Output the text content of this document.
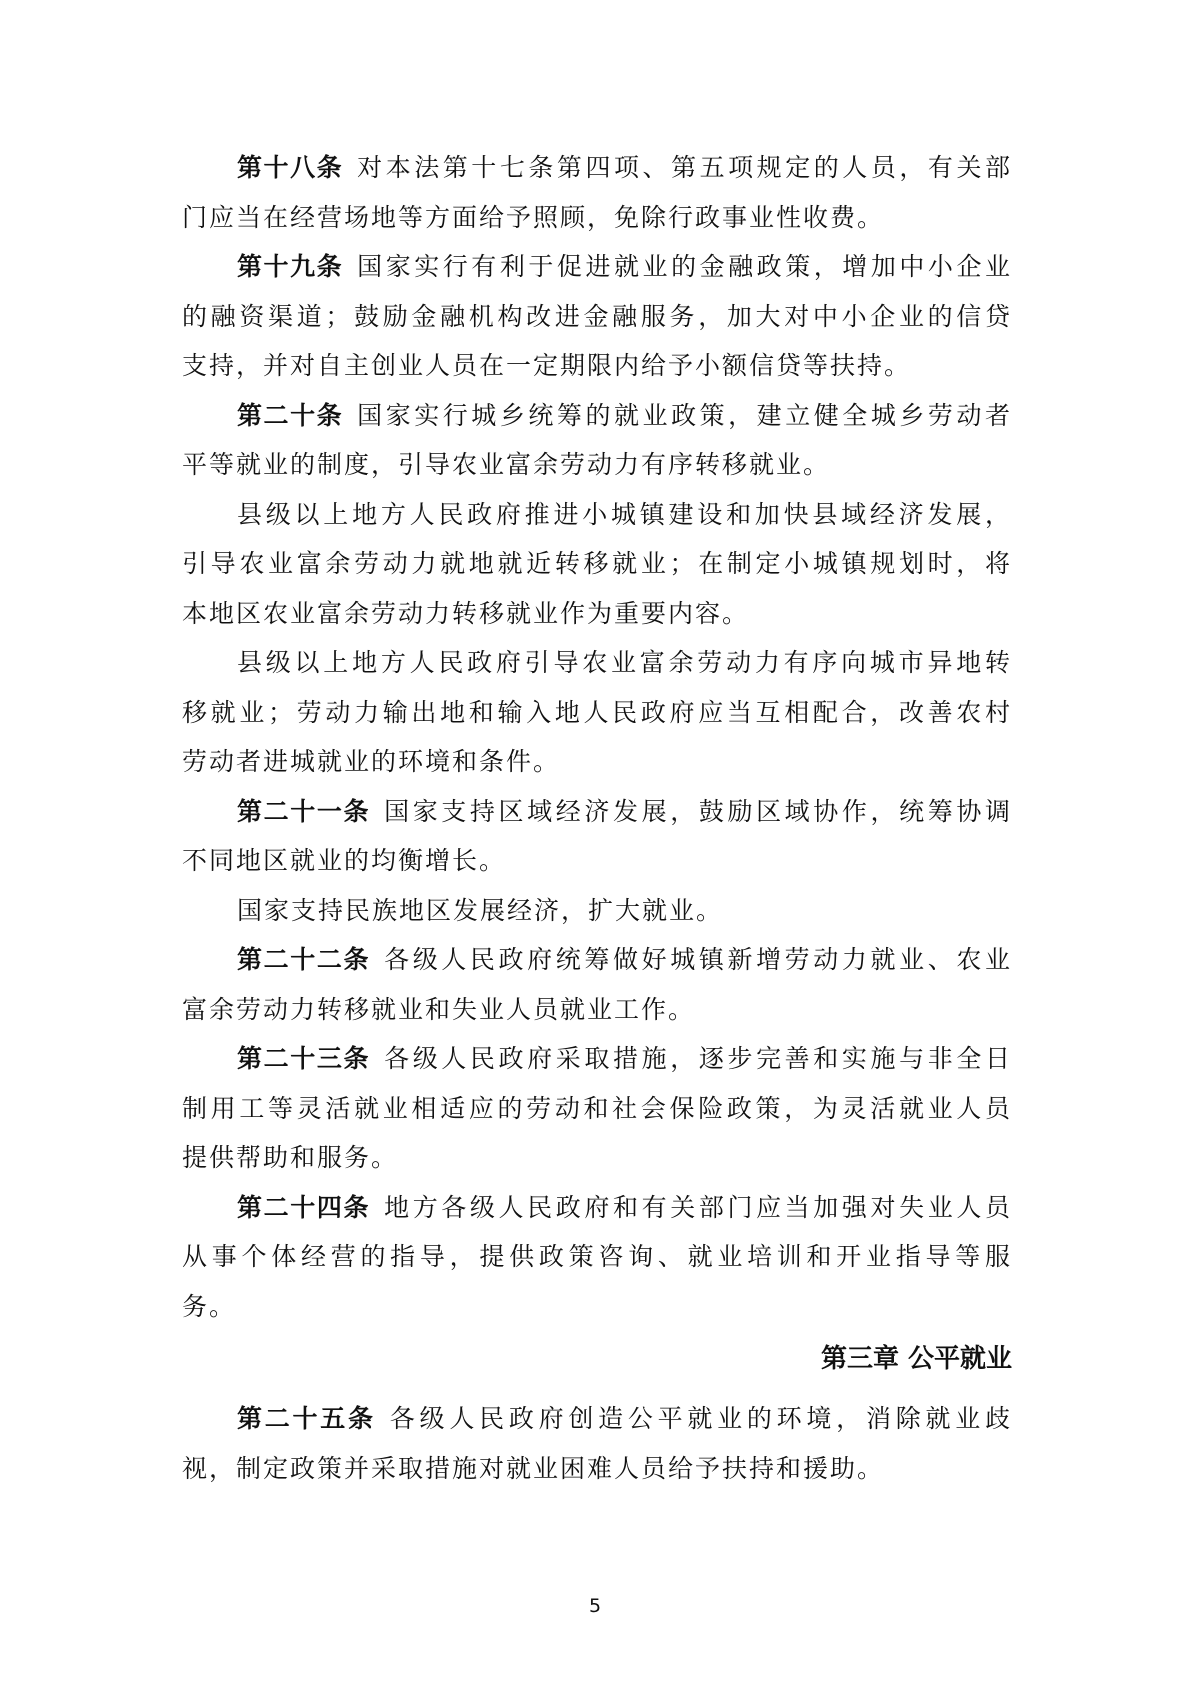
第十八条 对本法第十七条第四项、第五项规定的人员，有关部
门应当在经营场地等方面给予照顾，免除行政事业性收费。
第十九条 国家实行有利于促进就业的金融政策，增加中小企业
的融资渠道；鼓励金融机构改进金融服务，加大对中小企业的信贷
支持，并对自主创业人员在一定期限内给予小额信贷等扶持。
第二十条 国家实行城乡统筹的就业政策，建立健全城乡劳动者
平等就业的制度，引导农业富余劳动力有序转移就业。
县级以上地方人民政府推进小城镇建设和加快县域经济发展，
引导农业富余劳动力就地就近转移就业；在制定小城镇规划时，将
本地区农业富余劳动力转移就业作为重要内容。
县级以上地方人民政府引导农业富余劳动力有序向城市异地转
移就业；劳动力输出地和输入地人民政府应当互相配合，改善农村
劳动者进城就业的环境和条件。
第二十一条 国家支持区域经济发展，鼓励区域协作，统筹协调
不同地区就业的均衡增长。
国家支持民族地区发展经济，扩大就业。
第二十二条 各级人民政府统筹做好城镇新增劳动力就业、农业
富余劳动力转移就业和失业人员就业工作。
第二十三条 各级人民政府采取措施，逐步完善和实施与非全日
制用工等灵活就业相适应的劳动和社会保险政策，为灵活就业人员
提供帮助和服务。
第二十四条 地方各级人民政府和有关部门应当加强对失业人员
从事个体经营的指导，提供政策咨询、就业培训和开业指导等服
务。
第三章 公平就业
第二十五条 各级人民政府创造公平就业的环境，消除就业歧
视，制定政策并采取措施对就业困难人员给予扶持和援助。
5
